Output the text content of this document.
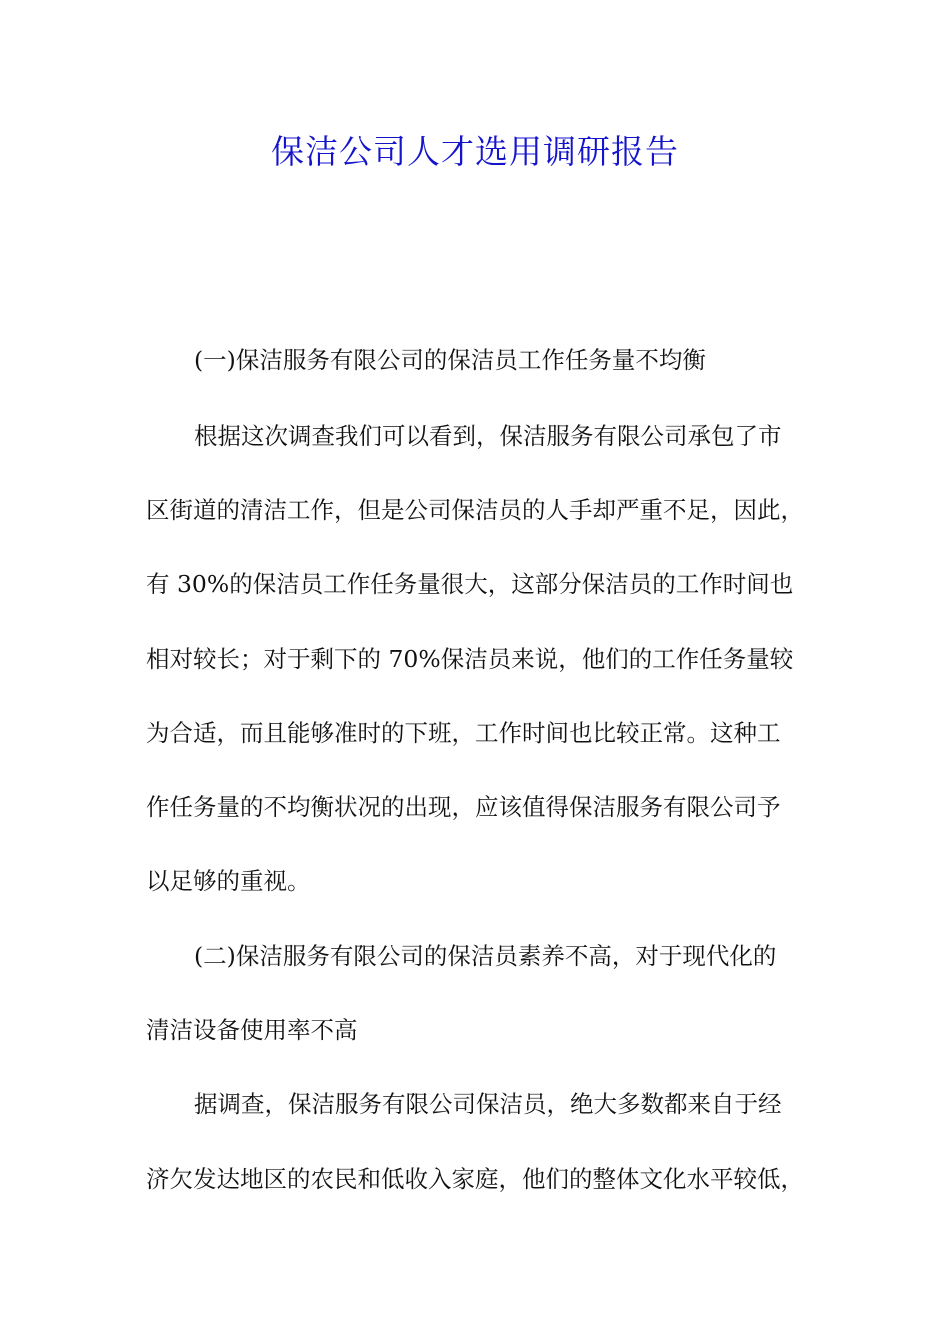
保洁公司人才选用调研报告
(一)保洁服务有限公司的保洁员工作任务量不均衡
根据这次调查我们可以看到，保洁服务有限公司承包了市
区街道的清洁工作，但是公司保洁员的人手却严重不足，因此，
有 30%的保洁员工作任务量很大，这部分保洁员的工作时间也
相对较长；对于剩下的 70%保洁员来说，他们的工作任务量较
为合适，而且能够准时的下班，工作时间也比较正常。这种工
作任务量的不均衡状况的出现，应该值得保洁服务有限公司予
以足够的重视。
(二)保洁服务有限公司的保洁员素养不高，对于现代化的
清洁设备使用率不高
据调查，保洁服务有限公司保洁员，绝大多数都来自于经
济欠发达地区的农民和低收入家庭，他们的整体文化水平较低，
